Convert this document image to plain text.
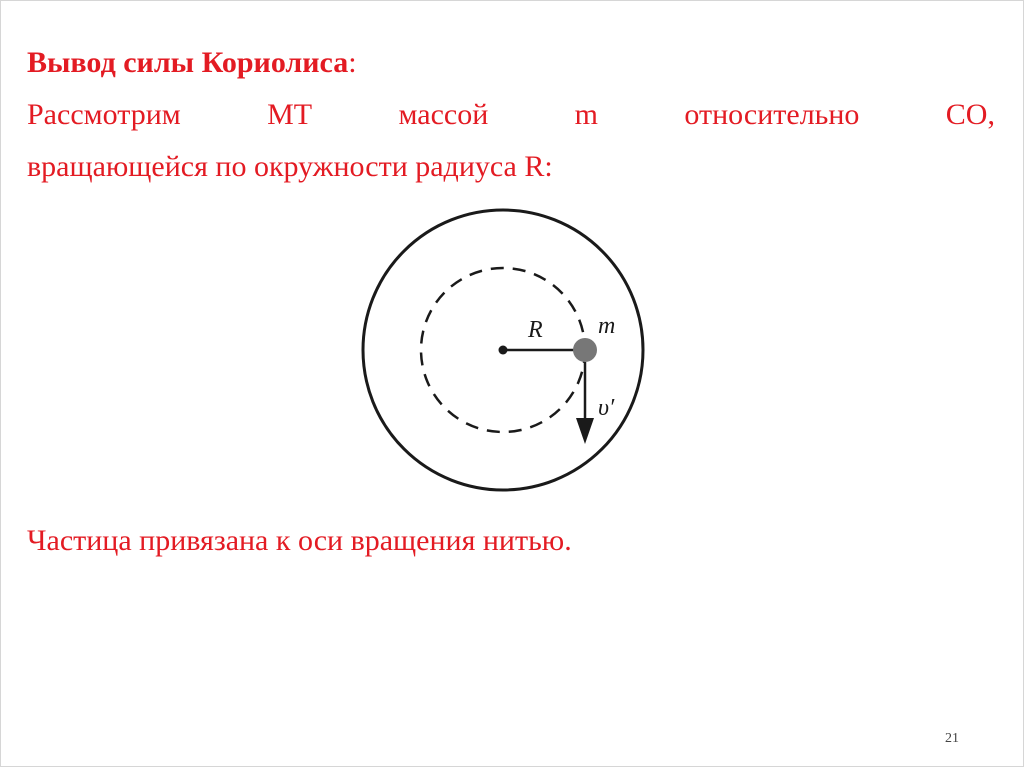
Вывод силы Кориолиса:
Рассмотрим	МТ	массой	m	относительно	СО,
вращающейся по окружности радиуса R:
R m
υ′
Частица привязана к оси вращения нитью.
21
